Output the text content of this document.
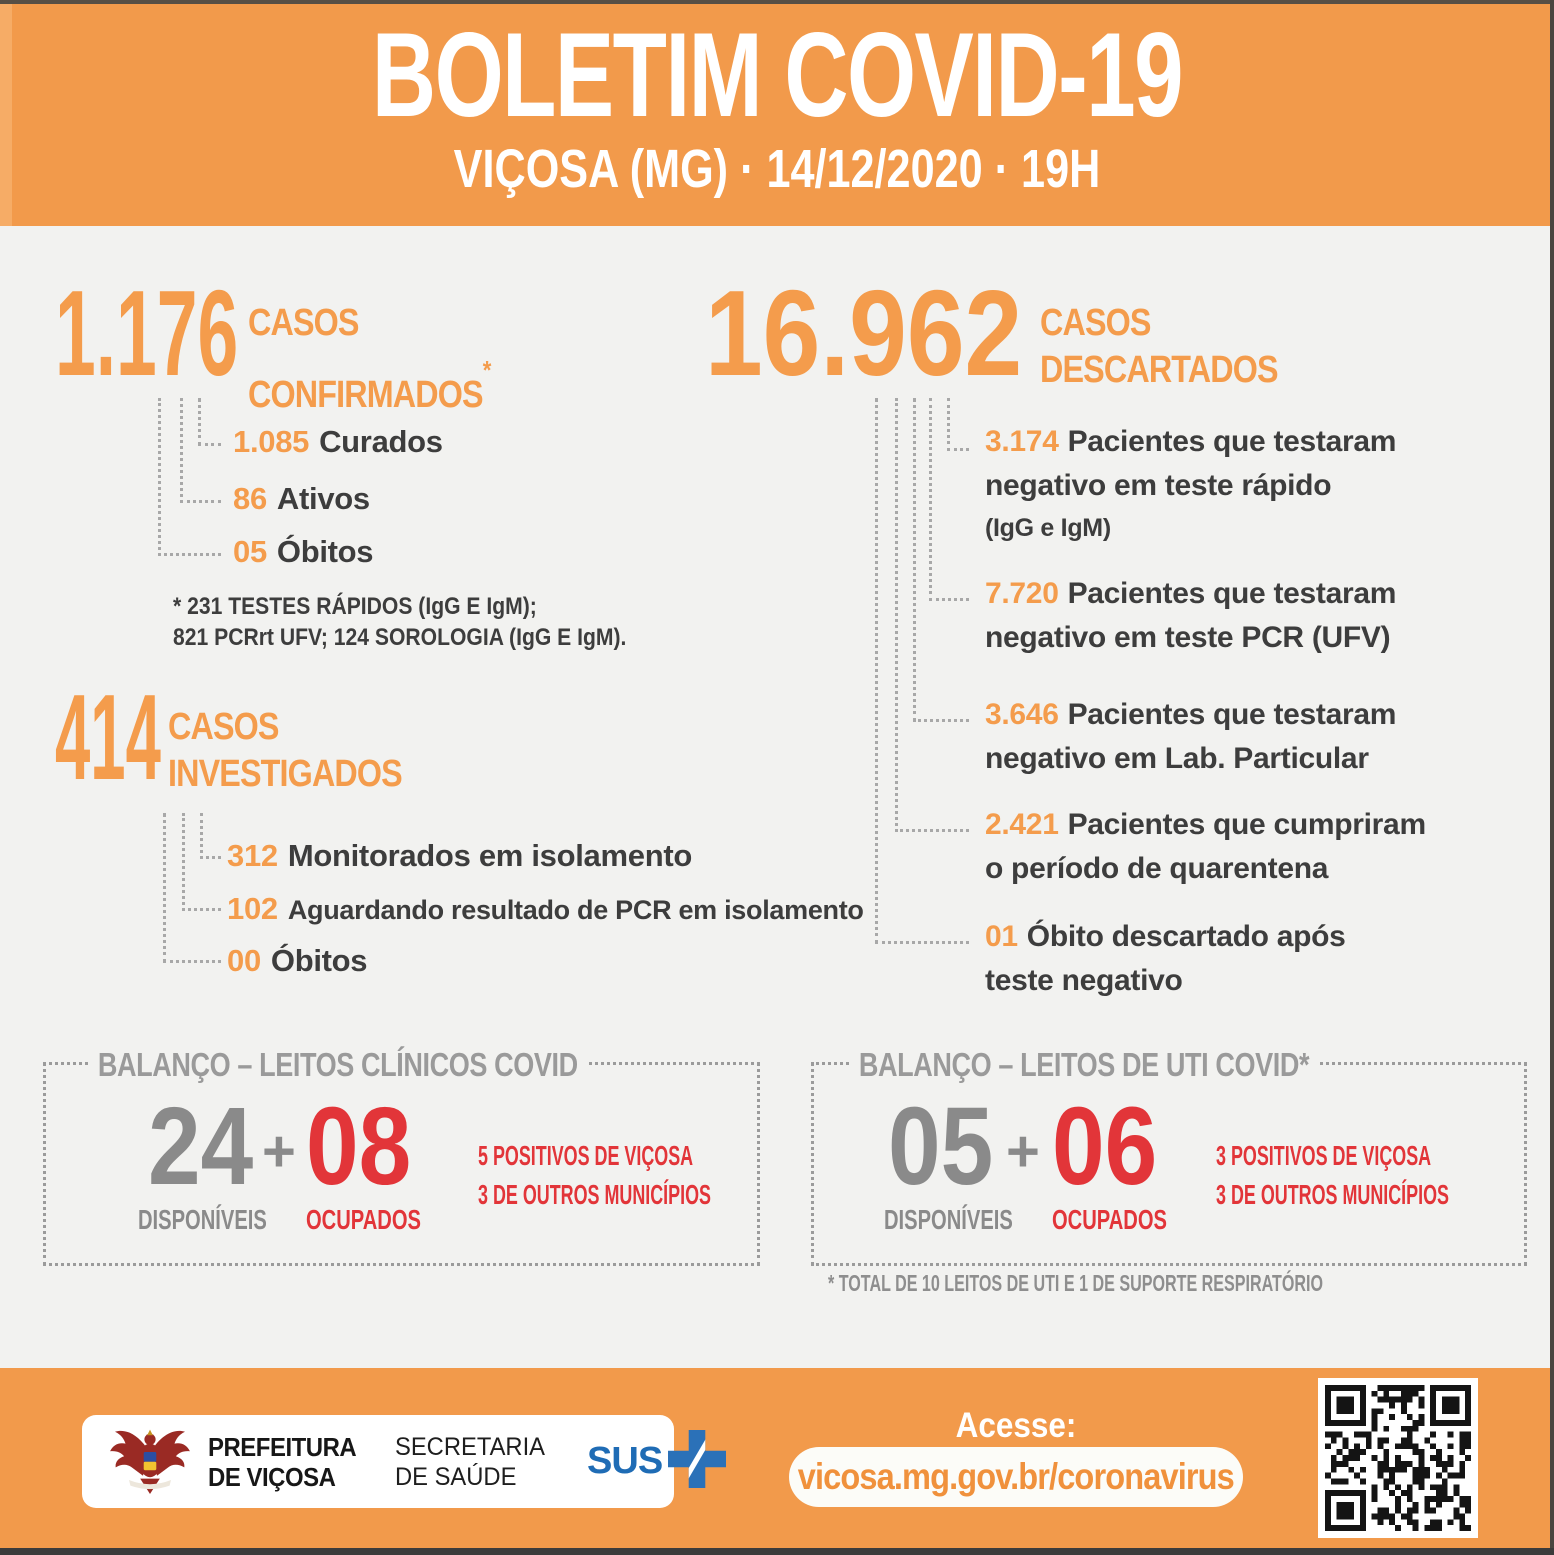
BOLETIM COVID-19
VIÇOSA (MG) · 14/12/2020 · 19H
1.176 CASOS
CONFIRMADOS*
1.085 Curados
86 Ativos
05 Óbitos
* 231 TESTES RÁPIDOS (IgG E IgM);
821 PCRrt UFV; 124 SOROLOGIA (IgG E IgM).
414 CASOS
INVESTIGADOS
312 Monitorados em isolamento
102 Aguardando resultado de PCR em isolamento
00 Óbitos
16.962 CASOS
DESCARTADOS
3.174 Pacientes que testaram
negativo em teste rápido
(IgG e IgM)
7.720 Pacientes que testaram
negativo em teste PCR (UFV)
3.646 Pacientes que testaram
negativo em Lab. Particular
2.421 Pacientes que cumpriram
o período de quarentena
01 Óbito descartado após
teste negativo
BALANÇO – LEITOS CLÍNICOS COVID
24 + 08
DISPONÍVEIS OCUPADOS
5 POSITIVOS DE VIÇOSA
3 DE OUTROS MUNICÍPIOS
BALANÇO – LEITOS DE UTI COVID*
05 + 06
DISPONÍVEIS OCUPADOS
3 POSITIVOS DE VIÇOSA
3 DE OUTROS MUNICÍPIOS
* TOTAL DE 10 LEITOS DE UTI E 1 DE SUPORTE RESPIRATÓRIO
PREFEITURA
DE VIÇOSA
SECRETARIA
DE SAÚDE	SUS
Acesse:
vicosa.mg.gov.br/coronavirus
